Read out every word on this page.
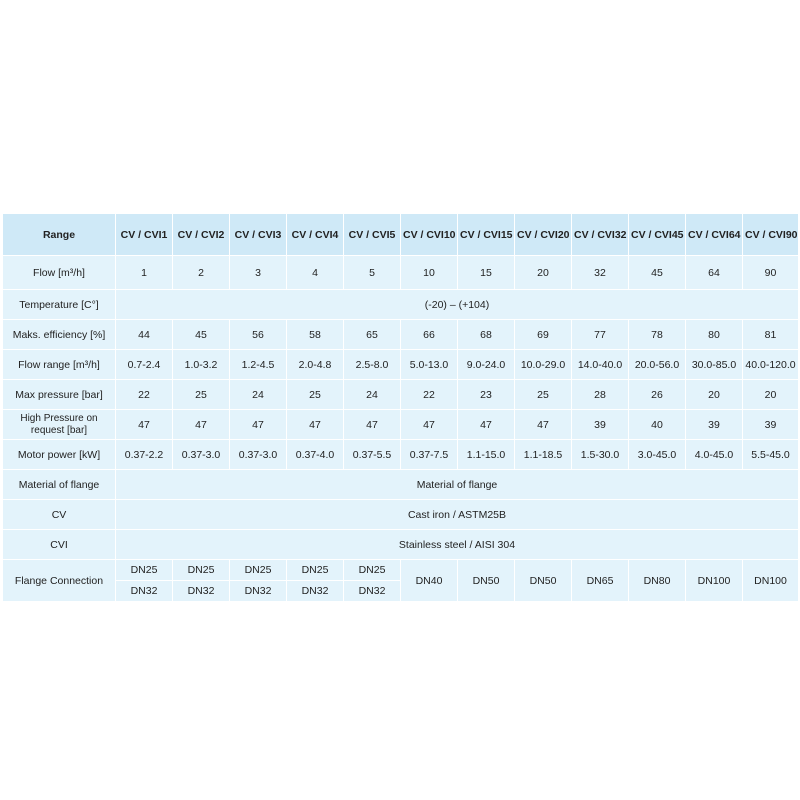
Range	CV / CVI1	CV / CVI2	CV / CVI3	CV / CVI4	CV / CVI5	CV / CVI10	CV / CVI15	CV / CVI20	CV / CVI32	CV / CVI45	CV / CVI64	CV / CVI90
Flow [m³/h]	1	2	3	4	5	10	15	20	32	45	64	90
Temperature [C°]	(-20) – (+104)											
Maks. efficiency [%]	44	45	56	58	65	66	68	69	77	78	80	81
Flow range [m³/h]	0.7-2.4	1.0-3.2	1.2-4.5	2.0-4.8	2.5-8.0	5.0-13.0	9.0-24.0	10.0-29.0	14.0-40.0	20.0-56.0	30.0-85.0	40.0-120.0
Max pressure [bar]	22	25	24	25	24	22	23	25	28	26	20	20
High Pressure on request [bar]	47	47	47	47	47	47	47	47	39	40	39	39
Motor power [kW]	0.37-2.2	0.37-3.0	0.37-3.0	0.37-4.0	0.37-5.5	0.37-7.5	1.1-15.0	1.1-18.5	1.5-30.0	3.0-45.0	4.0-45.0	5.5-45.0
Material of flange	Material of flange											
CV	Cast iron / ASTM25B											
CVI	Stainless steel / AISI 304											
Flange Connection	DN25	DN25	DN25	DN25	DN25	DN40	DN50	DN50	DN65	DN80	DN100	DN100
	DN32	DN32	DN32	DN32	DN32							
